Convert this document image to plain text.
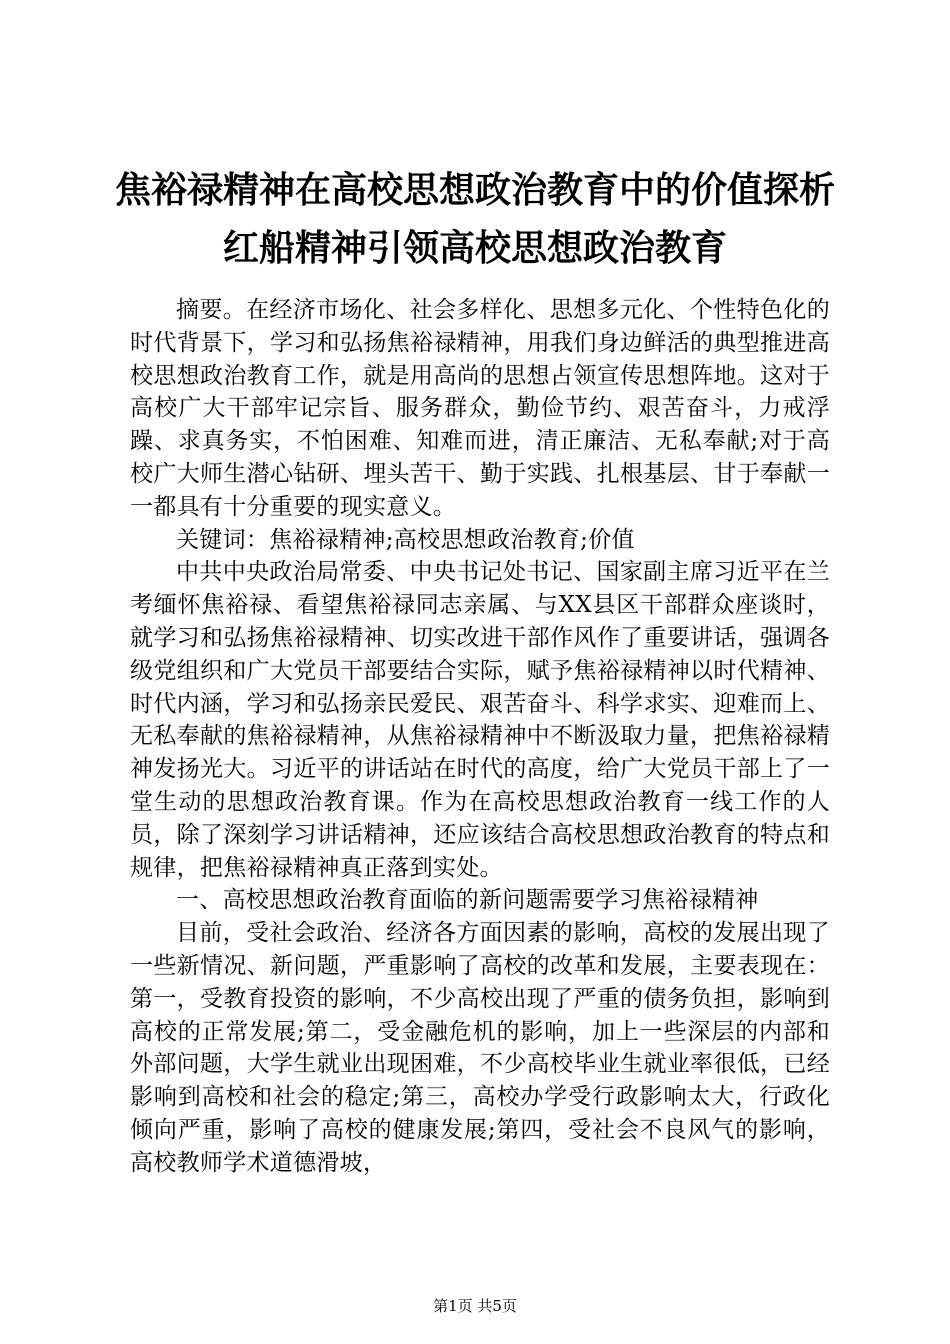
焦裕禄精神在高校思想政治教育中的价值探析
红船精神引领高校思想政治教育

摘要。在经济市场化、社会多样化、思想多元化、个性特色化的时代背景下，学习和弘扬焦裕禄精神，用我们身边鲜活的典型推进高校思想政治教育工作，就是用高尚的思想占领宣传思想阵地。这对于高校广大干部牢记宗旨、服务群众，勤俭节约、艰苦奋斗，力戒浮躁、求真务实，不怕困难、知难而进，清正廉洁、无私奉献;对于高校广大师生潜心钻研、埋头苦干、勤于实践、扎根基层、甘于奉献一一都具有十分重要的现实意义。

关键词：焦裕禄精神;高校思想政治教育;价值

中共中央政治局常委、中央书记处书记、国家副主席习近平在兰考缅怀焦裕禄、看望焦裕禄同志亲属、与XX县区干部群众座谈时，就学习和弘扬焦裕禄精神、切实改进干部作风作了重要讲话，强调各级党组织和广大党员干部要结合实际，赋予焦裕禄精神以时代精神、时代内涵，学习和弘扬亲民爱民、艰苦奋斗、科学求实、迎难而上、无私奉献的焦裕禄精神，从焦裕禄精神中不断汲取力量，把焦裕禄精神发扬光大。习近平的讲话站在时代的高度，给广大党员干部上了一堂生动的思想政治教育课。作为在高校思想政治教育一线工作的人员，除了深刻学习讲话精神，还应该结合高校思想政治教育的特点和规律，把焦裕禄精神真正落到实处。

一、高校思想政治教育面临的新问题需要学习焦裕禄精神

目前，受社会政治、经济各方面因素的影响，高校的发展出现了一些新情况、新问题，严重影响了高校的改革和发展，主要表现在：第一，受教育投资的影响，不少高校出现了严重的债务负担，影响到高校的正常发展;第二，受金融危机的影响，加上一些深层的内部和外部问题，大学生就业出现困难，不少高校毕业生就业率很低，已经影响到高校和社会的稳定;第三，高校办学受行政影响太大，行政化倾向严重，影响了高校的健康发展;第四，受社会不良风气的影响，高校教师学术道德滑坡，

第1页 共5页
